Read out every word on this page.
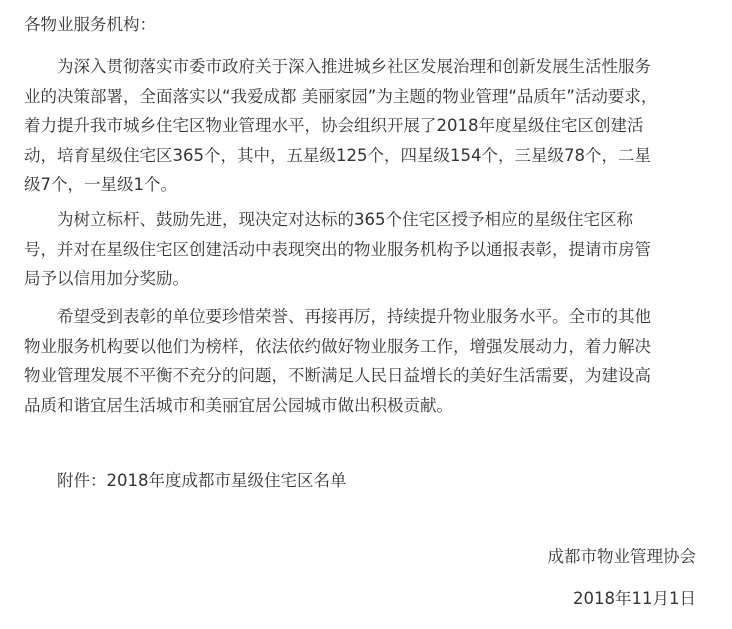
各物业服务机构：
为深入贯彻落实市委市政府关于深入推进城乡社区发展治理和创新发展生活性服务
业的决策部署，全面落实以“我爱成都 美丽家园”为主题的物业管理“品质年”活动要求，
着力提升我市城乡住宅区物业管理水平，协会组织开展了2018年度星级住宅区创建活
动，培育星级住宅区365个，其中，五星级125个，四星级154个，三星级78个，二星
级7个，一星级1个。
为树立标杆、鼓励先进，现决定对达标的365个住宅区授予相应的星级住宅区称
号，并对在星级住宅区创建活动中表现突出的物业服务机构予以通报表彰，提请市房管
局予以信用加分奖励。
希望受到表彰的单位要珍惜荣誉、再接再厉，持续提升物业服务水平。全市的其他
物业服务机构要以他们为榜样，依法依约做好物业服务工作，增强发展动力，着力解决
物业管理发展不平衡不充分的问题，不断满足人民日益增长的美好生活需要，为建设高
品质和谐宜居生活城市和美丽宜居公园城市做出积极贡献。
附件：2018年度成都市星级住宅区名单
成都市物业管理协会
2018年11月1日
